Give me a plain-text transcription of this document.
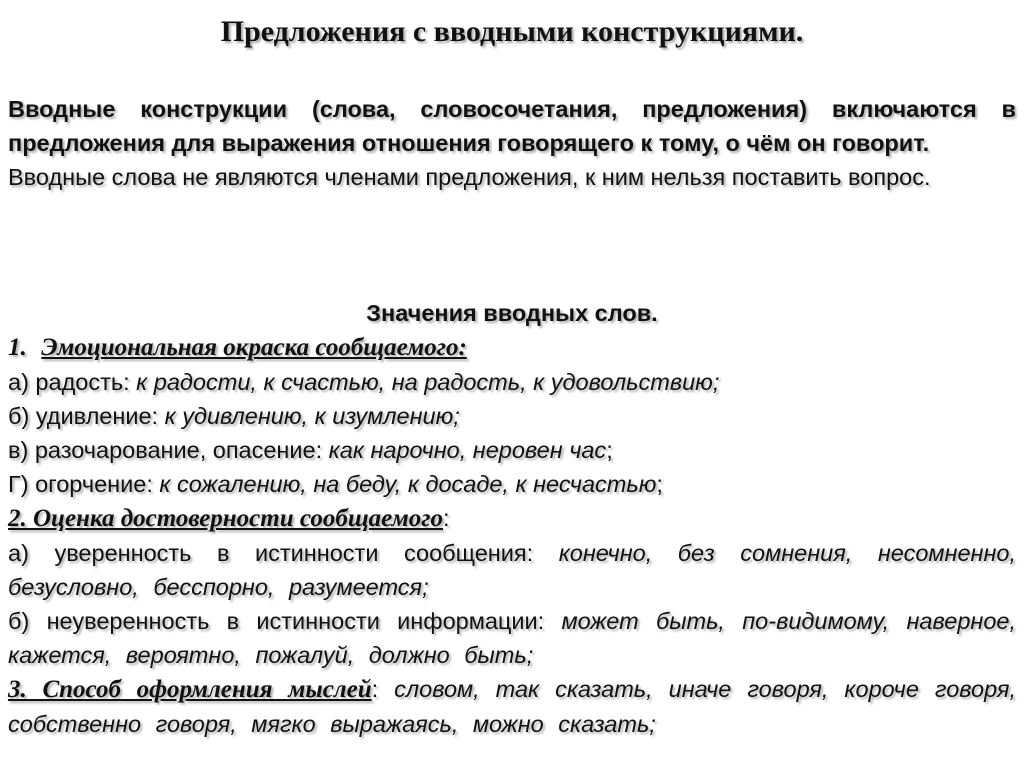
Предложения с вводными конструкциями.

Вводные конструкции (слова, словосочетания, предложения) включаются в предложения для выражения отношения говорящего к тому, о чём он говорит.

Вводные слова не являются членами предложения, к ним нельзя поставить вопрос.

Значения вводных слов.

1. Эмоциональная окраска сообщаемого:

а) радость: к радости, к счастью, на радость, к удовольствию;

б) удивление: к удивлению, к изумлению;

в) разочарование, опасение: как нарочно, неровен час;

Г) огорчение: к сожалению, на беду, к досаде, к несчастью;

2. Оценка достоверности сообщаемого:

а) уверенность в истинности сообщения: конечно, без сомнения, несомненно, безусловно, бесспорно, разумеется;

б) неуверенность в истинности информации: может быть, по-видимому, наверное, кажется, вероятно, пожалуй, должно быть;

3. Способ оформления мыслей: словом, так сказать, иначе говоря, короче говоря, собственно говоря, мягко выражаясь, можно сказать;
